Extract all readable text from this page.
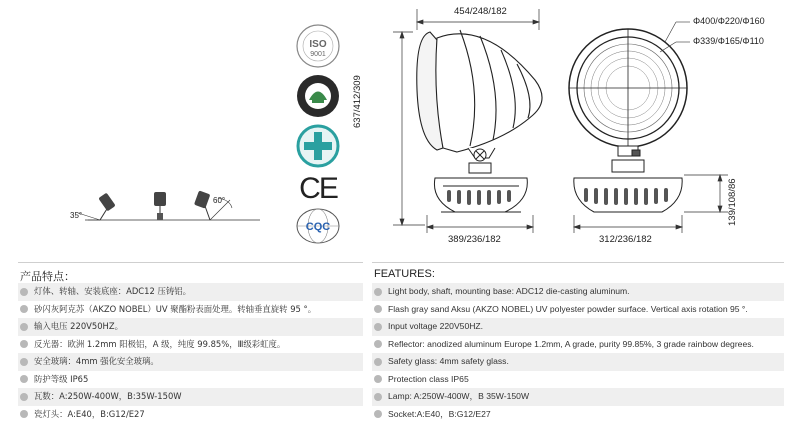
35°
60°
ISO
9001
CE
CQC
454/248/182
637/412/309
389/236/182
Φ400/Φ220/Φ160
Φ339/Φ165/Φ110
312/236/182
139/108/86
产品特点：
灯体、转轴、安装底座：ADC12 压铸铝。
砂闪灰阿克苏（AKZO NOBEL）UV 聚酯粉表面处理。转轴垂直旋转 95 °。
输入电压 220V50HZ。
反光器：欧洲 1.2mm 阳极铝，A 级，纯度 99.85%，Ⅲ级彩虹度。
安全玻璃：4mm 强化安全玻璃。
防护等级 IP65
瓦数：A:250W-400W，B:35W-150W
瓷灯头：A:E40，B:G12/E27
FEATURES:
Light body, shaft, mounting base: ADC12 die-casting aluminum.
Flash gray sand Aksu (AKZO NOBEL) UV polyester powder surface. Vertical axis rotation 95 °.
Input voltage 220V50HZ.
Reflector: anodized aluminum Europe 1.2mm, A grade, purity 99.85%, 3 grade rainbow degrees.
Safety glass: 4mm safety glass.
Protection class IP65
Lamp: A:250W-400W，B 35W-150W
Socket:A:E40，B:G12/E27
